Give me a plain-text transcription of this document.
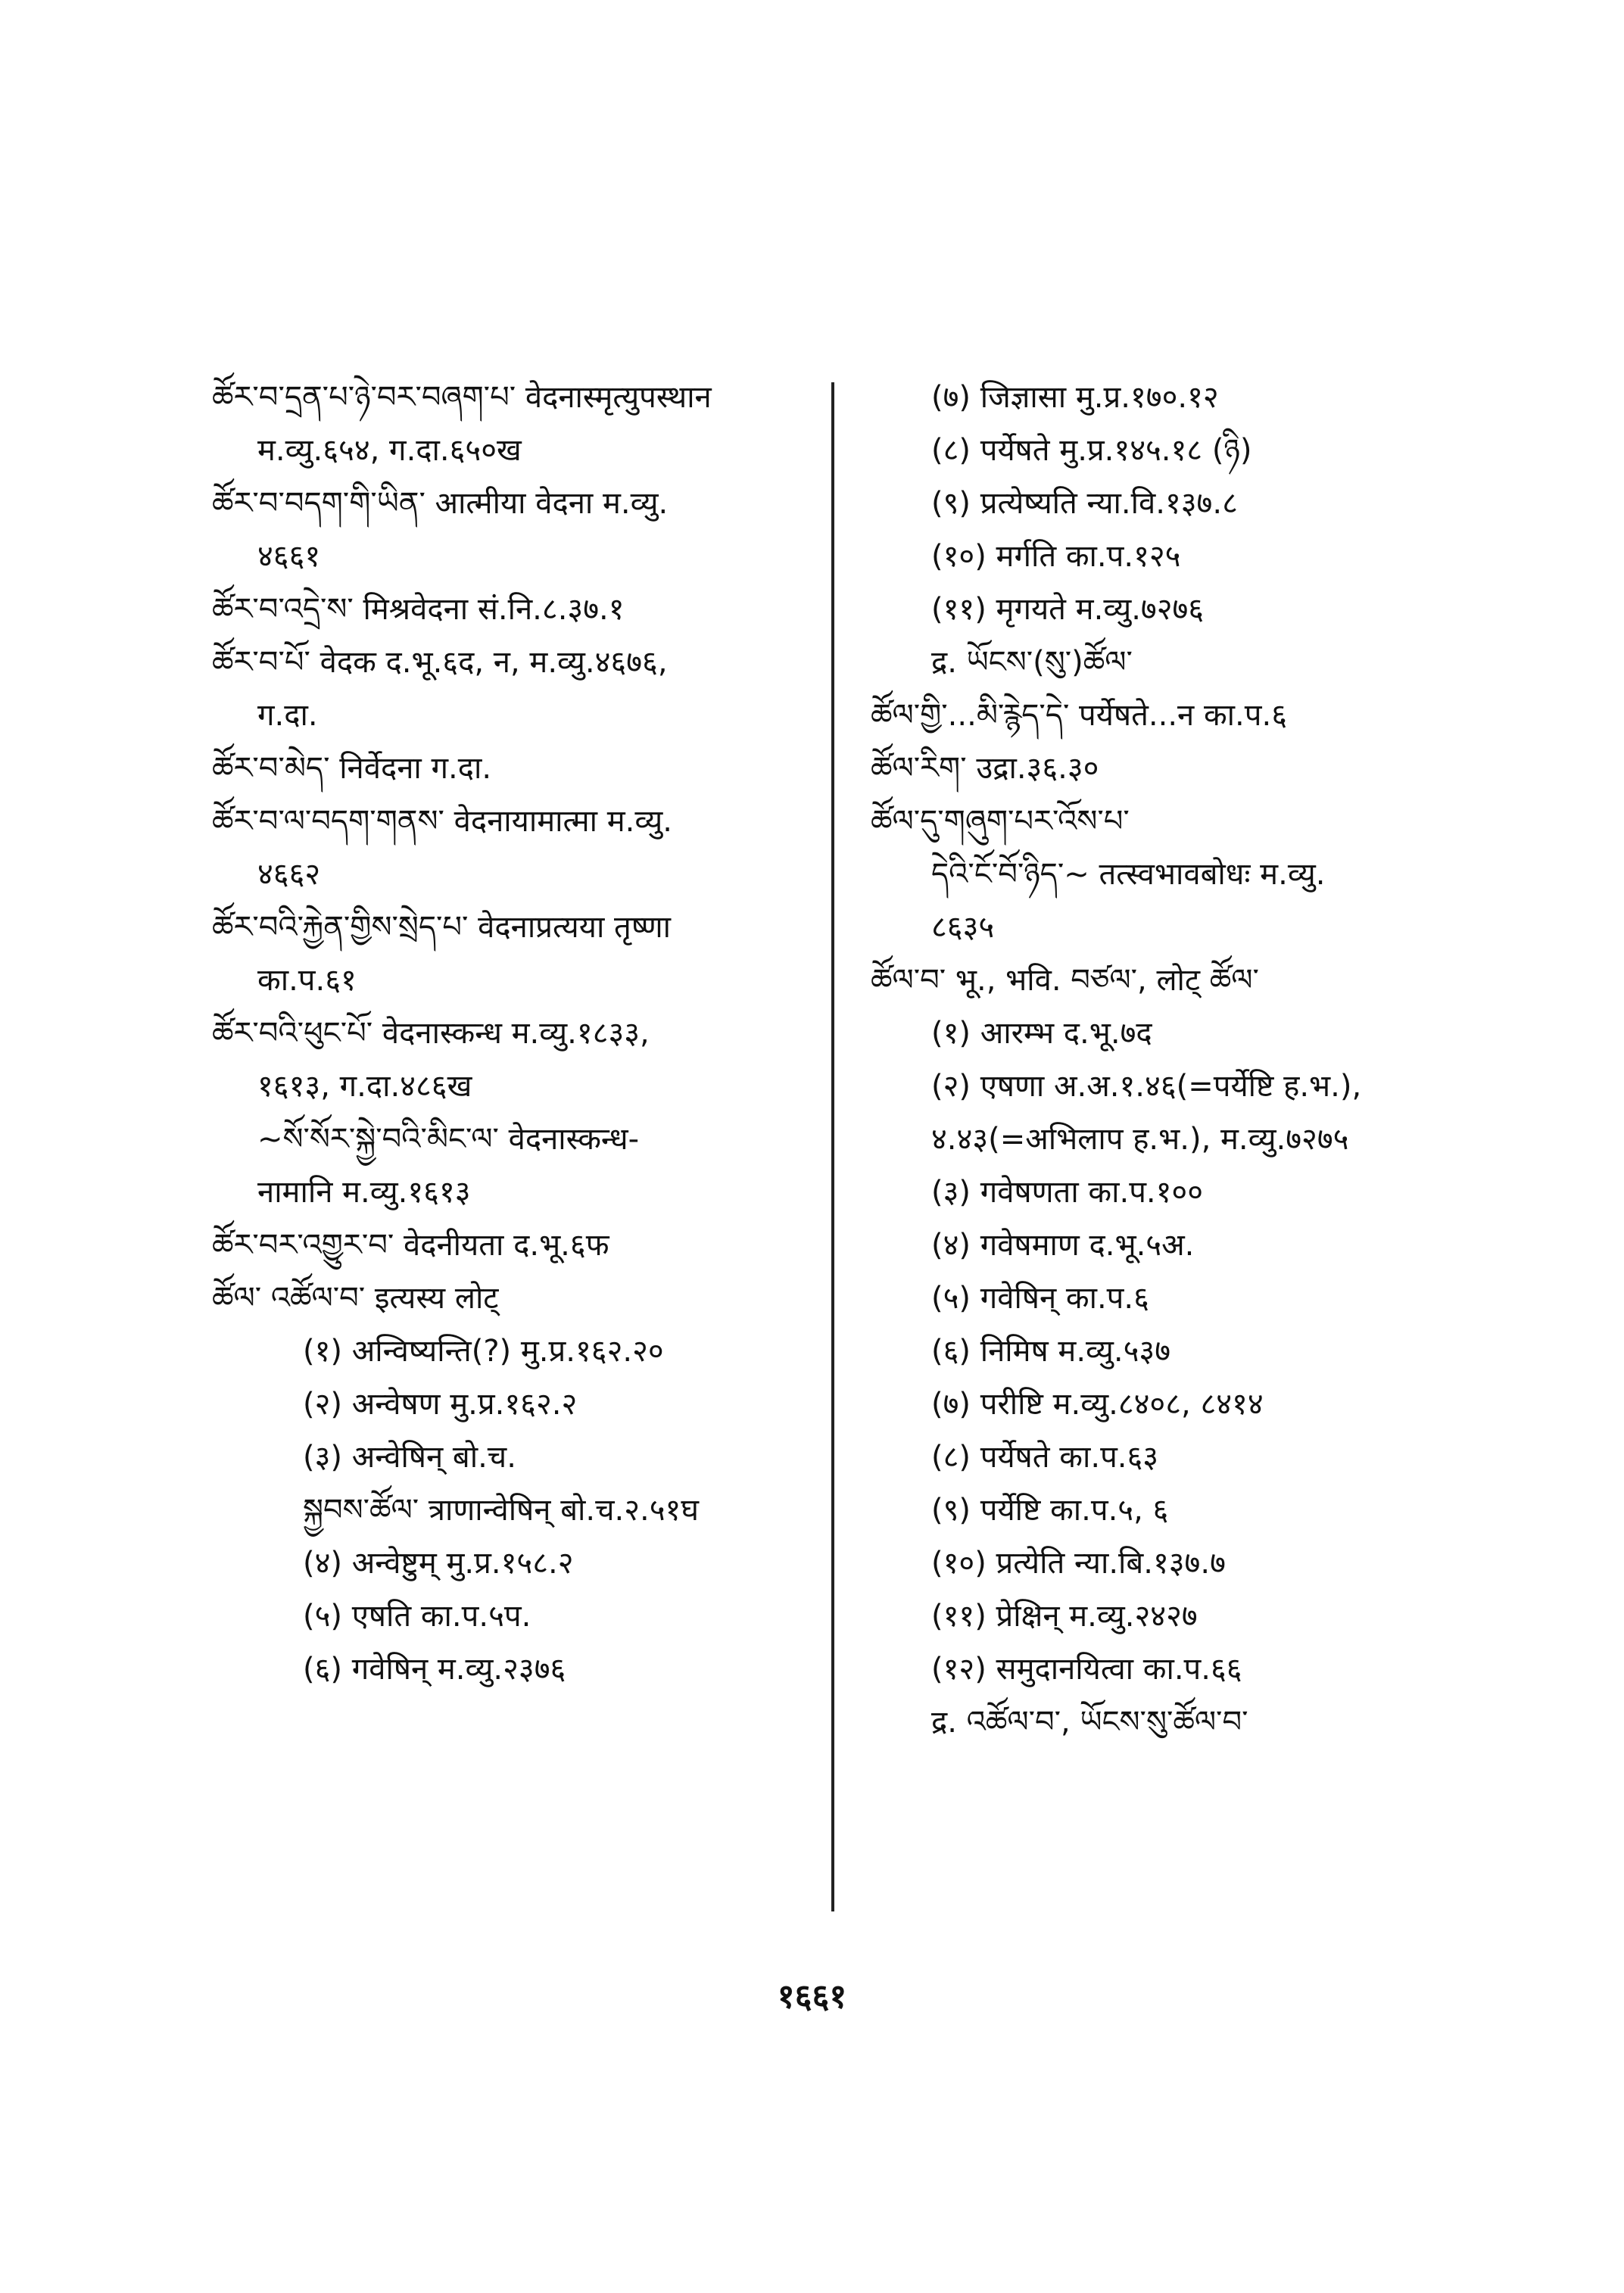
ཚོར་བ་དྲན་པ་ཉེ་བར་བཞག་པ་ वेदनास्मृत्युपस्थान
म.व्यु.६५४, ग.दा.६५०ख
ཚོར་བ་བདག་གི་ཡིན་ आत्मीया वेदना म.व्यु.
४६६१
ཚོར་བ་འདྲེ་ས་ मिश्रवेदना सं.नि.८.३७.१
ཚོར་བ་པོ་ वेदक द.भू.६द, न, म.व्यु.४६७६,
ग.दा.
ཚོར་བ་མེད་ निर्वेदना ग.दा.
ཚོར་བ་ལ་བདག་གནས་ वेदनायामात्मा म.व्यु.
४६६२
ཚོར་བའི་རྐྱེན་གྱིས་སྲེད་པ་ वेदनाप्रत्यया तृष्णा
का.प.६१
ཚོར་བའི་ཕུང་པོ་ वेदनास्कन्ध म.व्यु.१८३३,
१६१३, ग.दा.४८६ख
~སོ་སོར་སྐྱེ་བའི་མིང་ལ་ वेदनास्कन्ध-
नामानि म.व्यु.१६१३
ཚོར་བར་འགྱུར་བ་ वेदनीयता द.भू.६फ
ཚོལ་ འཚོལ་བ་ इत्यस्य लोट्
(१) अन्विष्यन्ति(?) मु.प्र.१६२.२०
(२) अन्वेषण मु.प्र.१६२.२
(३) अन्वेषिन् बो.च.
སྐྱབས་ཚོལ་ त्राणान्वेषिन् बो.च.२.५१घ
(४) अन्वेष्टुम् मु.प्र.१५८.२
(५) एषति का.प.५प.
(६) गवेषिन् म.व्यु.२३७६
(७) जिज्ञासा मु.प्र.१७०.१२
(८) पर्येषते मु.प्र.१४५.१८ (ཉི)
(९) प्रत्येष्यति न्या.वि.१३७.८
(१०) मर्गति का.प.१२५
(११) मृगयते म.व्यु.७२७६
द्र. ཡོངས་(སུ་)ཚོལ་
ཚོལ་གྱི་...མི་རྙེད་དེ་ पर्येषते...न का.प.६
ཚོལ་རིག་ उद्रा.३६.३०
ཚོལ་དུ་གཞུག་པར་འོས་པ་
དེའི་ངོ་བོ་ཉིད་~ तत्स्वभावबोधः म.व्यु.
८६३५
ཚོལ་བ་ भू., भवि. བཙལ་, लोट् ཚོལ་
(१) आरम्भ द.भू.७द
(२) एषणा अ.अ.१.४६(=पर्येष्टि ह.भ.),
४.४३(=अभिलाप ह.भ.), म.व्यु.७२७५
(३) गवेषणता का.प.१००
(४) गवेषमाण द.भू.५अ.
(५) गवेषिन् का.प.६
(६) निमिष म.व्यु.५३७
(७) परीष्टि म.व्यु.८४०८, ८४१४
(८) पर्येषते का.प.६३
(९) पर्येष्टि का.प.५, ६
(१०) प्रत्येति न्या.बि.१३७.७
(११) प्रेक्षिन् म.व्यु.२४२७
(१२) समुदानयित्वा का.प.६६
द्र. འཚོལ་བ་, ཡོངས་སུ་ཚོལ་བ་
१६६१
